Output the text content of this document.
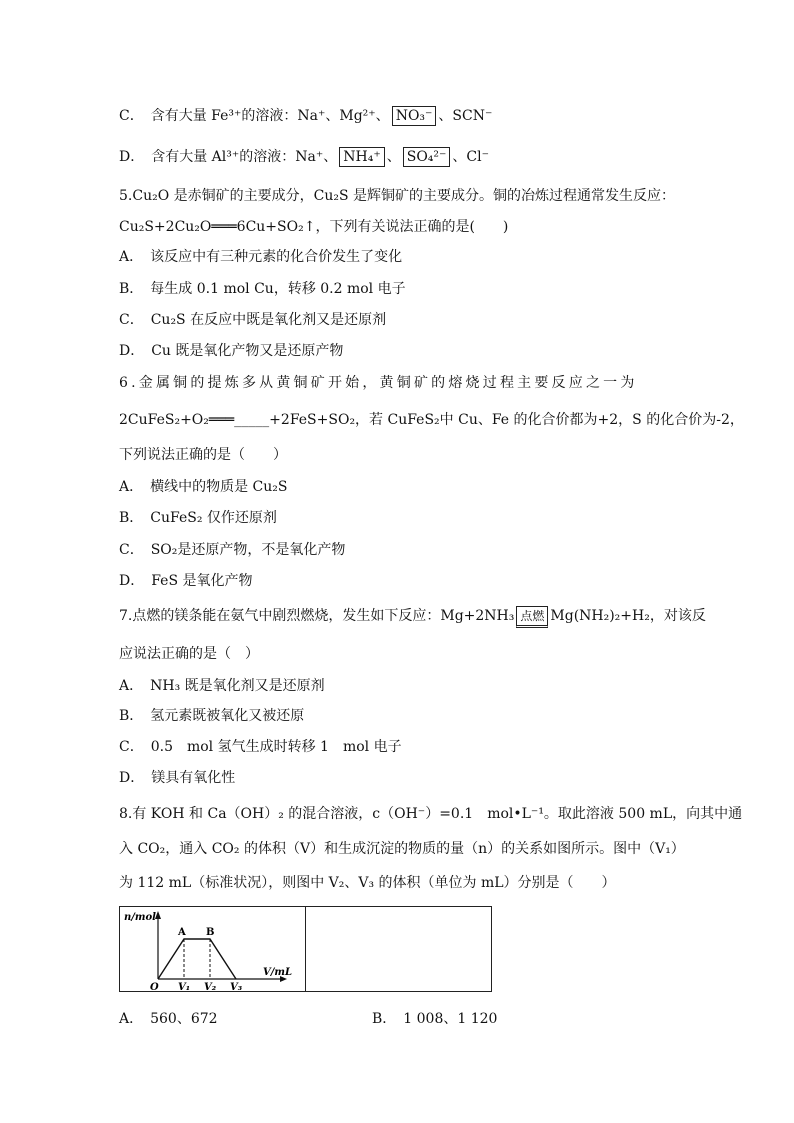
C．　含有大量 Fe³⁺的溶液：Na⁺、Mg²⁺、 NO₃⁻ 、SCN⁻
D．　含有大量 Al³⁺的溶液：Na⁺、 NH₄⁺ 、 SO₄²⁻ 、Cl⁻
5.Cu₂O 是赤铜矿的主要成分，Cu₂S 是辉铜矿的主要成分。铜的冶炼过程通常发生反应：
Cu₂S+2Cu₂O═══6Cu+SO₂↑，下列有关说法正确的是(　　)
A．　该反应中有三种元素的化合价发生了变化
B．　每生成 0.1 mol Cu，转移 0.2 mol 电子
C．　Cu₂S 在反应中既是氧化剂又是还原剂
D．　Cu 既是氧化产物又是还原产物
6.金属铜的提炼多从黄铜矿开始，黄铜矿的熔烧过程主要反应之一为
2CuFeS₂+O₂═══_____+2FeS+SO₂，若 CuFeS₂中 Cu、Fe 的化合价都为+2，S 的化合价为-2，
下列说法正确的是（　　）
A．　横线中的物质是 Cu₂S
B．　CuFeS₂ 仅作还原剂
C．　SO₂是还原产物，不是氧化产物
D．　FeS 是氧化产物
7.点燃的镁条能在氨气中剧烈燃烧，发生如下反应：Mg+2NH₃ 点燃 Mg(NH₂)₂+H₂，对该反
应说法正确的是（　）
A．　NH₃ 既是氧化剂又是还原剂
B．　氢元素既被氧化又被还原
C．　0.5　mol 氢气生成时转移 1　mol 电子
D．　镁具有氧化性
8.有 KOH 和 Ca（OH）₂ 的混合溶液，c（OH⁻）=0.1　mol•L⁻¹。取此溶液 500 mL，向其中通
入 CO₂，通入 CO₂ 的体积（V）和生成沉淀的物质的量（n）的关系如图所示。图中（V₁）
为 112 mL（标准状况），则图中 V₂、V₃ 的体积（单位为 mL）分别是（　　）
n/mol
V/mL
O
A B
V₁ V₂ V₃
A．　560、672	B．　1 008、1 120
